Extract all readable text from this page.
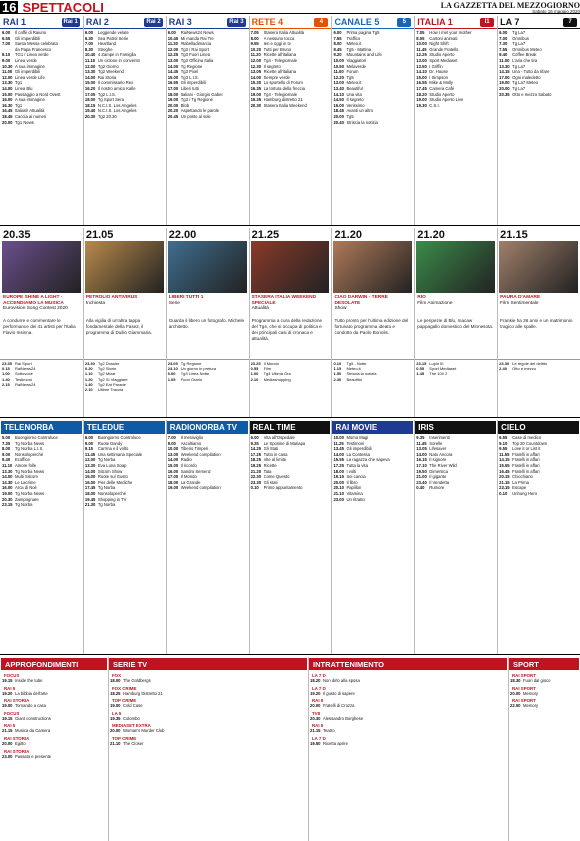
16 SPETTACOLI	LA GAZZETTA DEL MEZZOGIORNO
Sabato 16 maggio 2020
RAI 1	Rai 1
6.00	Il caffè di Raiuno
6.55	Gli imperdibili
7.00	Santa Messa celebrata
da Papa Francesco
8.10	TG1 / Linea verde
9.00	Linea verde
10.30 A sua immagine
11.00 Gli imperdibili
12.00 Linea verde Life
13.30 Tg1
14.00 Linea Blu
15.00 Passaggio a Nord Ovest
16.00 A sua immagine
16.30 Tg1
16.45 Italiasì! Attualità
18.45 Caccia ai numeri
20.00 Tg1 News
RAI 2	Rai 2
6.00	Leggende velate
6.30	Sea Patrol Serie
7.00	Heartland
8.30	Streghe
10.40 4 Zampe in Famiglia
11.10 Un ciclone in convento
12.00 Tg2 Giorno
13.30 Tg2 Weekend
14.00 Rai Storia
15.00 Il commissario Rex
16.20 Il nostro amico Kalle
17.05 Tg2 L.I.S.
18.00 Tg Sport Sera
18.15 N.C.I.S. Los Angeles
19.40 N.C.I.S. Los Angeles
20.30 Tg2 20.30
RAI 3	Rai 3
6.00	RaiNews24 News
10.45 Mi manda Rai Tre
11.30 #tabelladimarcia
12.00 Tg3 / Rai Sport
12.25 Tg3 Fuori Linea
13.00 Tg3 Officina Italia
14.00 Tg Regione
14.45 Tg3 Pixel
15.00 Tg3 L.I.S.
16.55 Gli imperdibili
17.00 Liberi tutti
18.00 Italiani - Giorgio Gaber
19.00 Tg3 / Tg Regione
20.00 Blob
20.20 Aspettando le parole
20.45 Un posto al sole
RETE 4	4
7.05	Stasera Italia Attualità
8.00	A nessuno tocca
9.55	Ieri e oggi in tv
10.20 Tutti per Bruno
11.20 Ricette all'italiana
12.00 Tg4 - Telegiornale
12.30 Il segreto
13.05 Ricette all'italiana
14.00 Sempre verde
15.30 Lo sportello di Forum
16.35 La tortura della freccia
19.00 Tg4 - Telegiornale
19.35 Hamburg distretto 21
20.30 Stasera Italia Weekend
CANALE 5	5
6.00	Prima pagina Tg5
7.55	Traffico
8.00	Meteo.it
8.45	Tg5 - Mattina
9.20	Mountains and Life
10.00 Viaggiatori
10.50 Melaverde
11.00 Forum
12.20 Tg5
13.00 Meteo.it
13.40 Beautiful
14.10 Una vita
14.50 Il segreto
16.00 Verissimo
18.45 Avanti un altro
20.00 Tg5
20.40 Striscia la notizia
ITALIA 1	I1
7.05	How I met your mother
8.05	Cartoni animati
10.00 Night Shift
11.45 Grande Fratello
12.25 Studio Aperto
13.00 Sport Mediaset
13.50 I Griffin
14.10 Dr. House
15.00 I Simpson
16.55 Mike & Molly
17.45 Camera Café
18.20 Studio Aperto
19.00 Studio Aperto Live
19.30 C.S.I.
LA 7	7
6.00	Tg La7
7.00	Omnibus
7.30	Tg La7
7.55	Omnibus Meteo
9.40	Coffee Break
11.00 L'aria che tira
13.30 Tg La7
14.15 Una - Tutto da rifare
17.00 Ogni maledetto
19.00 Tg La7 Meteo
20.00 Tg La7
20.35 Otto e mezzo Sabato
20.35
EUROPE SHINE A LIGHT - ACCENDIAMO LA MUSICA
Eurovision Song Contest 2020
A condurre e commentare le performance dei 41 artisti per l'Italia Flavio Insinna.
23.35 Rai Sport
0.15	RaiNews24
1.00	Sottovoce
1.40	Testimoni
2.15	RaiNews24
21.05
PETROLIO ANTIVIRUS
Inchiesta
Alla vigilia di un'altra tappa fondamentale della Fase2, il programma di Duilio Giammaria.
23.30 Tg2 Dossier
0.20	Tg2 Storie
1.10	Tg2 Mizar
1.20	Tg2 Sì Viaggiare
1.40	Tg2 Eat Parade
2.10	Ultime Traccia
22.00
LIBERI TUTTI 1
Serie
Guarda il libero un fotografo. Michele architetto.
23.05 Tg Regione
23.10 Un giorno in pretura
0.00	Tg3 Linea Notte
1.05	Fuori Orario
21.25
STASERA ITALIA WEEKEND SPECIALE
Attualità
Programma a cura della redazione del Tg4, che si occupa di politica e dei principali casi di cronaca e attualità.
23.25 Il Mondo
0.55	Film
1.00	Tg4 Ultima Ora
2.10	Mediashopping
21.20
CIAO DARWIN - TERRE DESOLATE
Show
Tutto pronto per l'ultima edizione del fortunato programma ideato e condotto da Paolo Bonolis.
0.10	Tg5 - Notte
1.15	Meteo.it
1.50	Striscia la notizia
2.30	Beautiful
21.20
RIO
Film Animazione
Le peripezie di Blu, macaw pappagallo domestico del Minnesota.
23.15 Lupin III
0.55	Sport Mediaset
1.45	The 100 2
21.15
PAURA D'AMARE
Film Sentimentale
Frankie ha 36 anni e un matrimonio tragico alle spalle.
23.30 Le regole del delitto
2.40	Otto e mezzo
TELENORBA
5.00	Buongiorno Controluce
7.30	Tg Norba News
8.00	Tg Norba L.I.S.
9.00	Nonsoloperché
9.40	Ecoffice
11.10 Amore folle
13.30 Tg Norba News
14.00 Multi Sitcom
14.30 Le Lacrime
16.00 Arca di Noè
19.00 Tg Norba News
20.30 Zampognare
23.15 Tg Norba
TELEDUE
6.00	Buongiorno Controluce
9.00	Ruote Dandy
9.15	Carrma e il volto
11.45 Una settimana Speciale
12.00 Tg Norba
13.30 Eva Luna Soap
14.00 Sitcom Show
15.00 Ruote sul Gusto
16.00 Pier delle Mediche
17.45 Tg Norba
18.00 Nonsoloperché
19.45 Shopping in TV
21.30 Tg Norba
RADIONORBA TV
7.00	Il meraviglio
9.00	Ascoltiamo
10.00 Tiberio Timperi
13.00 Weekend compilation
14.00 Radio
15.00 Il ricordo
16.00 Sandro Semenz
17.00 Il Mondo
18.00 La Grande
19.00 Weekend compilation
REAL TIME
6.00	Vita all'Ospedale
9.25	Le Sposine di Mariapa
14.25 Gli Stati
17.25 Tutto in casa
18.25 Vite al limite
19.25 Ricette
21.20 Tata
22.30 Come Questo
23.30 Gli stati
0.10	Primo appuntamento
RAI MOVIE
10.00 Momo Magi
11.25 Testimoni
13.45 Gli imperdibili
14.00 La Contessa
15.55 La ragazza che sapeva
17.25 Tutta la vita
18.00 I volti
19.15 Sei cancia
20.00 Il libro
20.10 Papillon
21.10 Vitamina
23.00 Un ritratto
IRIS
9.35	Inserimenti
11.45 Sorelle
13.05 Lifesaver
14.00 Nato Ancora
16.15 Il signore
17.10 The River Wild
19.50 Dimentica
21.00 Il gigante
23.40 Il Vendetta
0.40	Rumore
CIELO
6.55	Case di medico
9.10	Top 20 Countdown
9.55	Love it or List it
11.55 Fratelli in affari
14.15 Fratelli in affari
15.55 Fratelli in affari
16.45 Fratelli in affari
20.15 Chicchiano
21.15 La Prima
23.15 Escape
0.10	Unhung Hero
APPROFONDIMENTI
FOCUS
19.15 Inside the tube
RAI 5
19.20 La bibbia dell'arte
RAI STORIA
19.00 Tornando a casa
FOCUS
19.15 Giant constructions
RAI 5
21.15 Musica da Camera
RAI STORIA
20.00 Egitto
RAI STORIA
23.00 Passato e presente
SERIE TV
FOX
18.00 The Goldbergs
FOX CRIME
18.25 Hamburg Distretto 21
TOP CRIME
19.00 Cold Case
LA 5
19.35 Colombo
MEDIASET EXTRA
20.00 Woman's Murder Club
TOP CRIME
21.10 The Closer
INTRATTENIMENTO
LA 7 D
18.20 Non dirlo alla sposa
LA 7 D
19.20 Il gusto di sapere
RAI 5
20.00 Fratelli di Crozza
TV8
20.30 Alessandro Borghese
RAI 5
21.15 Teatro
LA 7 D
19.50 Ricetta aprire
SPORT
RAI SPORT
18.30 Fuori dal gioco
RAI SPORT
20.00 Memory
RAI SPORT
22.00 Memory
